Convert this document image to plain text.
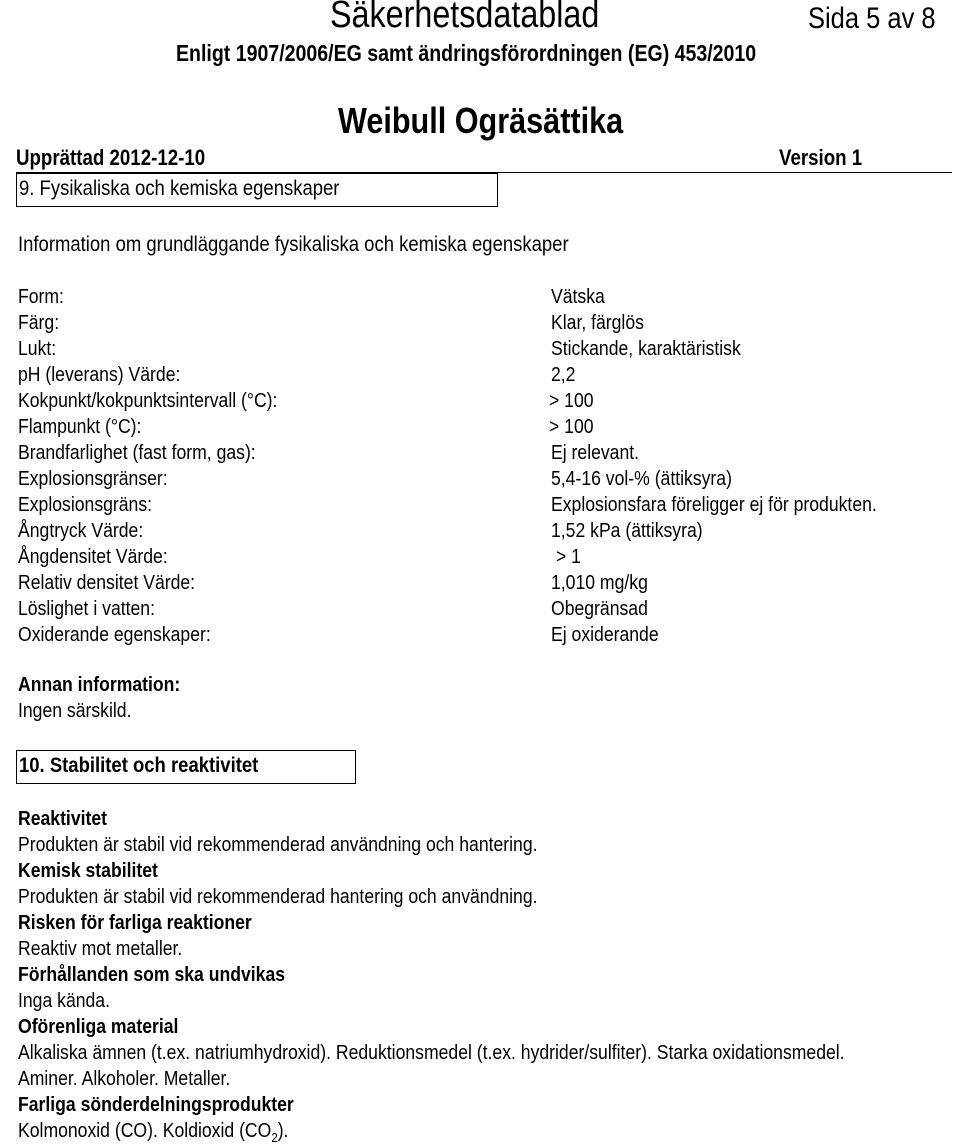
Säkerhetsdatablad	Sida 5 av 8
Enligt 1907/2006/EG samt ändringsförordningen (EG) 453/2010
Weibull Ogräsättika
Upprättad 2012-12-10	Version 1
9. Fysikaliska och kemiska egenskaper
Information om grundläggande fysikaliska och kemiska egenskaper
Form:	Vätska
Färg:	Klar, färglös
Lukt:	Stickande, karaktäristisk
pH (leverans) Värde:	2,2
Kokpunkt/kokpunktsintervall (°C):	> 100
Flampunkt (°C):	> 100
Brandfarlighet (fast form, gas):	Ej relevant.
Explosionsgränser:	5,4-16 vol-% (ättiksyra)
Explosionsgräns:	Explosionsfara föreligger ej för produkten.
Ångtryck Värde:	1,52 kPa (ättiksyra)
Ångdensitet Värde:	> 1
Relativ densitet Värde:	1,010 mg/kg
Löslighet i vatten:	Obegränsad
Oxiderande egenskaper:	Ej oxiderande
Annan information:
Ingen särskild.
10. Stabilitet och reaktivitet
Reaktivitet
Produkten är stabil vid rekommenderad användning och hantering.
Kemisk stabilitet
Produkten är stabil vid rekommenderad hantering och användning.
Risken för farliga reaktioner
Reaktiv mot metaller.
Förhållanden som ska undvikas
Inga kända.
Oförenliga material
Alkaliska ämnen (t.ex. natriumhydroxid). Reduktionsmedel (t.ex. hydrider/sulfiter). Starka oxidationsmedel.
Aminer. Alkoholer. Metaller.
Farliga sönderdelningsprodukter
Kolmonoxid (CO). Koldioxid $(CO_2)$.
